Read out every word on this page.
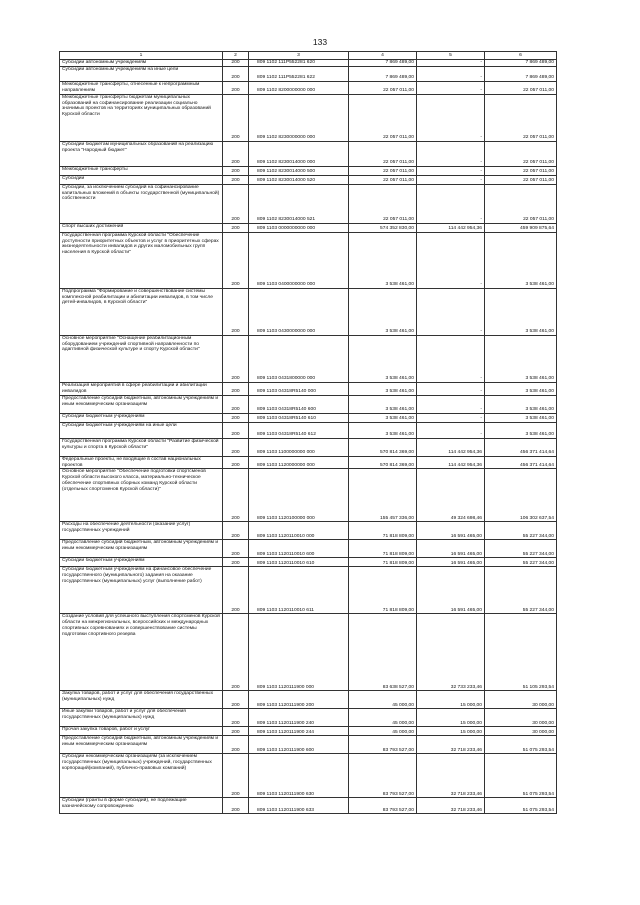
133
1	2	3	4	5	6
Субсидии автономным учреждениям	200	809 1102 111P552281 620	7 869 489,00	-	7 869 489,00
Субсидии автономным учреждениям на иные цели	200	809 1102 111P552281 622	7 869 489,00	-	7 869 489,00
Межбюджетные трансферты, отнесенные к непрограммным направлениям	200	809 1102 8200000000 000	22 057 011,00	-	22 057 011,00
Межбюджетные трансферты бюджетам муниципальных образований на софинансирование реализации социально значимых проектов на территориях муниципальных образований Курской области	200	809 1102 8230000000 000	22 057 011,00	-	22 057 011,00
Субсидии бюджетам муниципальных образований на реализацию проекта "Народный бюджет"	200	809 1102 8230014000 000	22 057 011,00	-	22 057 011,00
Межбюджетные трансферты	200	809 1102 8230014000 500	22 057 011,00	-	22 057 011,00
Субсидии	200	809 1102 8230014000 520	22 057 011,00	-	22 057 011,00
Субсидии, за исключением субсидий на софинансирование капитальных вложений в объекты государственной (муниципальной) собственности	200	809 1102 8230014000 521	22 057 011,00	-	22 057 011,00
Спорт высших достижений	200	809 1103 0000000000 000	574 352 830,00	114 442 954,36	459 909 875,64
Государственная программа Курской области "Обеспечение доступности приоритетных объектов и услуг в приоритетных сферах жизнедеятельности инвалидов и других маломобильных групп населения в Курской области"	200	809 1103 0400000000 000	3 538 461,00	-	3 538 461,00
Подпрограмма "Формирование и совершенствование системы комплексной реабилитации и абилитации инвалидов, в том числе детей-инвалидов, в Курской области"	200	809 1103 0430000000 000	3 538 461,00	-	3 538 461,00
Основное мероприятие "Оснащение реабилитационным оборудованием учреждений спортивной направленности по адаптивной физической культуре и спорту Курской области"	200	809 1103 0431800000 000	3 538 461,00	-	3 538 461,00
Реализация мероприятий в сфере реабилитации и абилитации инвалидов	200	809 1103 04318R5140 000	3 538 461,00	-	3 538 461,00
Предоставление субсидий бюджетным, автономным учреждениям и иным некоммерческим организациям	200	809 1103 04318R5140 600	3 538 461,00	-	3 538 461,00
Субсидии бюджетным учреждениям	200	809 1103 04318R5140 610	3 538 461,00	-	3 538 461,00
Субсидии бюджетным учреждениям на иные цели	200	809 1103 04318R5140 612	3 538 461,00	-	3 538 461,00
Государственная программа Курской области "Развитие физической культуры и спорта в Курской области"	200	809 1103 1100000000 000	570 814 369,00	114 442 954,36	456 371 414,64
Федеральные проекты, не входящие в состав национальных проектов	200	809 1103 1120000000 000	570 814 369,00	114 442 954,36	456 371 414,64
Основное мероприятие "Обеспечение подготовки спортсменов Курской области высокого класса, материально-техническое обеспечение спортивных сборных команд Курской области (отдельных спортсменов Курской области)"	200	809 1103 1120100000 000	155 457 336,00	49 324 698,46	106 302 637,54
Расходы на обеспечение деятельности (оказание услуг) государственных учреждений	200	809 1103 1120110010 000	71 818 809,00	16 591 465,00	55 227 344,00
Предоставление субсидий бюджетным, автономным учреждениям и иным некоммерческим организациям	200	809 1103 1120110010 600	71 818 809,00	16 591 465,00	55 227 344,00
Субсидии бюджетным учреждениям	200	809 1103 1120110010 610	71 818 809,00	16 591 465,00	55 227 344,00
Субсидии бюджетным учреждениям на финансовое обеспечение государственного (муниципального) задания на оказание государственных (муниципальных) услуг (выполнение работ)	200	809 1103 1120110010 611	71 818 809,00	16 591 465,00	55 227 344,00
Создание условий для успешного выступления спортсменов Курской области на межрегиональных, всероссийских и международных спортивных соревнованиях и совершенствование системы подготовки спортивного резерва	200	809 1103 1120111900 000	83 638 527,00	32 733 233,46	51 105 293,54
Закупка товаров, работ и услуг для обеспечения государственных (муниципальных) нужд	200	809 1103 1120111900 200	45 000,00	15 000,00	30 000,00
Иные закупки товаров, работ и услуг для обеспечения государственных (муниципальных) нужд	200	809 1103 1120111900 240	45 000,00	15 000,00	30 000,00
Прочая закупка товаров, работ и услуг	200	809 1103 1120111900 244	45 000,00	15 000,00	30 000,00
Предоставление субсидий бюджетным, автономным учреждениям и иным некоммерческим организациям	200	809 1103 1120111900 600	83 793 527,00	32 718 233,46	51 075 293,54
Субсидии некоммерческим организациям (за исключением государственных (муниципальных) учреждений, государственных корпораций(компаний), публично-правовых компаний)	200	809 1103 1120111900 630	83 793 527,00	32 718 233,46	51 075 293,54
Субсидии (гранты в форме субсидий), не подлежащие казначейскому сопровождению	200	809 1103 1120111900 633	83 793 527,00	32 718 233,46	51 075 293,54
